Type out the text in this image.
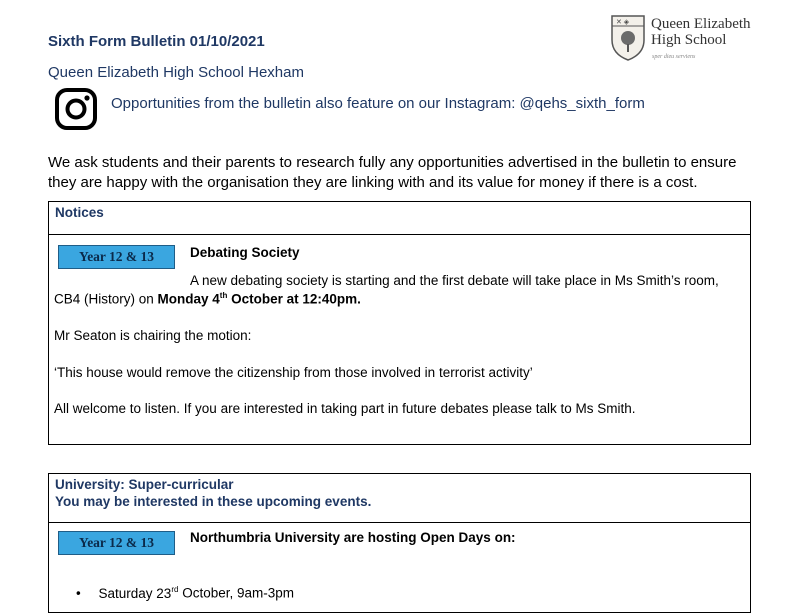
Sixth Form Bulletin 01/10/2021
Queen Elizabeth High School Hexham
✕ ◈ Queen Elizabeth
High School
sper dieu serviens
Opportunities from the bulletin also feature on our Instagram: @qehs_sixth_form
We ask students and their parents to research fully any opportunities advertised in the bulletin to ensure they are happy with the organisation they are linking with and its value for money if there is a cost.
Notices
Year 12 & 13	Debating Society
A new debating society is starting and the first debate will take place in Ms Smith’s room,
CB4 (History) on Monday 4th October at 12:40pm.
Mr Seaton is chairing the motion:
‘This house would remove the citizenship from those involved in terrorist activity’
All welcome to listen. If you are interested in taking part in future debates please talk to Ms Smith.
University: Super-curricular
You may be interested in these upcoming events.
Year 12 & 13	Northumbria University are hosting Open Days on:
• Saturday 23rd October, 9am-3pm
